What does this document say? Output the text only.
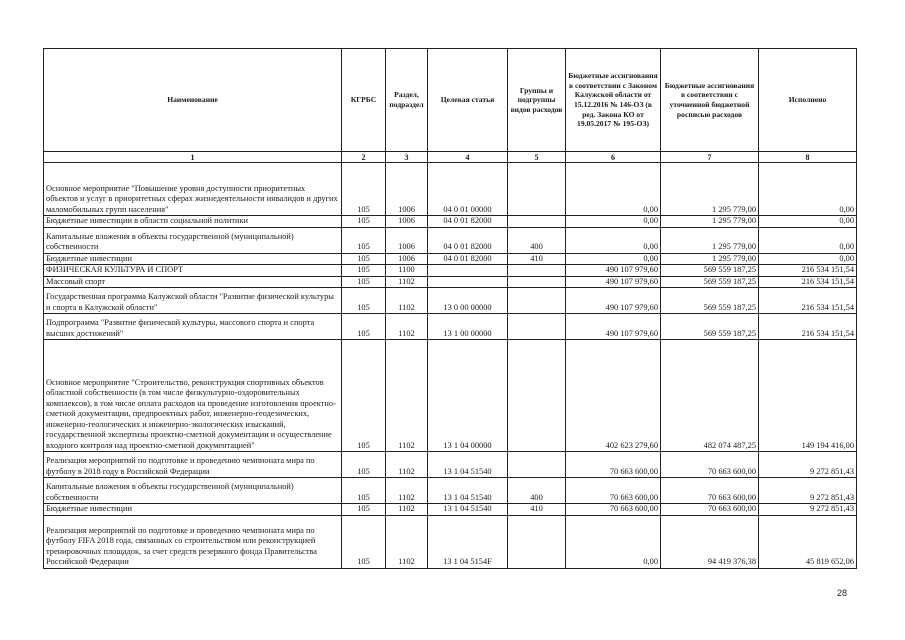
Наименование	КГРБС	Раздел, подраздел	Целевая статья	Группы и подгруппы видов расходов	Бюджетные ассигнования в соответствии с Законом Калужской области от 15.12.2016 № 146-ОЗ (в ред. Закона КО от 19.05.2017 № 195-ОЗ)	Бюджетные ассигнования в соответствии с уточненной бюджетной росписью расходов	Исполнено
1	2	3	4	5	6	7	8
Основное мероприятие "Повышение уровня доступности приоритетных объектов и услуг в приоритетных сферах жизнедеятельности инвалидов и других маломобильных групп населения"	105	1006	04 0 01 00000		0,00	1 295 779,00	0,00
Бюджетные инвестиции в области социальной политики	105	1006	04 0 01 82000		0,00	1 295 779,00	0,00
Капитальные вложения в объекты государственной (муниципальной) собственности	105	1006	04 0 01 82000	400	0,00	1 295 779,00	0,00
Бюджетные инвестиции	105	1006	04 0 01 82000	410	0,00	1 295 779,00	0,00
ФИЗИЧЕСКАЯ КУЛЬТУРА И СПОРТ	105	1100			490 107 979,60	569 559 187,25	216 534 151,54
Массовый спорт	105	1102			490 107 979,60	569 559 187,25	216 534 151,54
Государственная программа Калужской области "Развитие физической культуры и спорта в Калужской области"	105	1102	13 0 00 00000		490 107 979,60	569 559 187,25	216 534 151,54
Подпрограмма "Развитие физической культуры, массового спорта и спорта высших достижений"	105	1102	13 1 00 00000		490 107 979,60	569 559 187,25	216 534 151,54
Основное мероприятие "Строительство, реконструкция спортивных объектов областной собственности (в том числе физкультурно-оздоровительных комплексов), в том числе оплата расходов на проведение изготовления проектно-сметной документации, предпроектных работ, инженерно-геодезических, инженерно-геологических и инженерно-экологических изысканий, государственной экспертизы проектно-сметной документации и осуществление входного контроля над проектно-сметной документацией"	105	1102	13 1 04 00000		402 623 279,60	482 074 487,25	149 194 416,00
Реализация мероприятий по подготовке и проведению чемпионата мира по футболу в 2018 году в Российской Федерации	105	1102	13 1 04 51540		70 663 600,00	70 663 600,00	9 272 851,43
Капитальные вложения в объекты государственной (муниципальной) собственности	105	1102	13 1 04 51540	400	70 663 600,00	70 663 600,00	9 272 851,43
Бюджетные инвестиции	105	1102	13 1 04 51540	410	70 663 600,00	70 663 600,00	9 272 851,43
Реализация мероприятий по подготовке и проведению чемпионата мира по футболу FIFA 2018 года, связанных со строительством или реконструкцией тренировочных площадок, за счет средств резервного фонда Правительства Российской Федерации	105	1102	13 1 04 5154F		0,00	94 419 376,38	45 819 652,06
28
